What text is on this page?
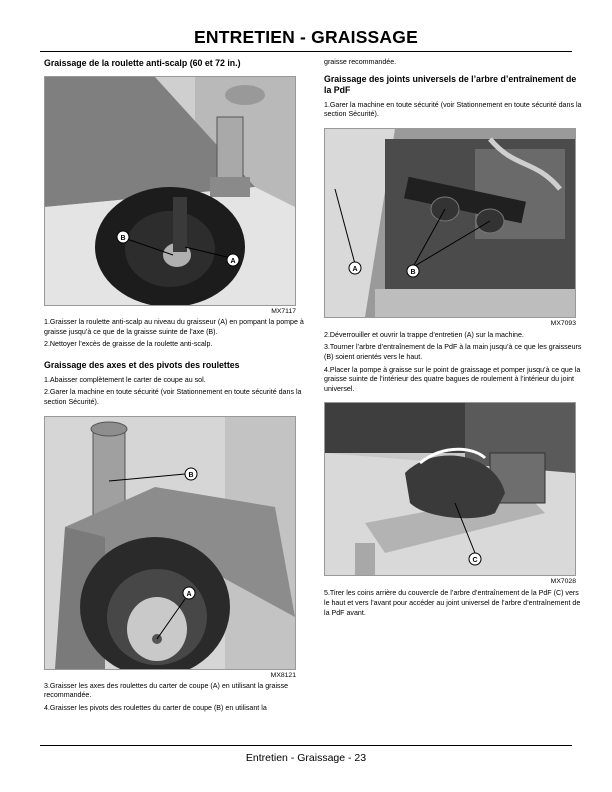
ENTRETIEN - GRAISSAGE
Graissage de la roulette anti-scalp (60 et 72 in.)
B
A
MX7117

1.Graisser la roulette anti-scalp au niveau du graisseur (A) en pompant la pompe à graisse jusqu’à ce que de la graisse suinte de l’axe (B).

2.Nettoyer l’excès de graisse de la roulette anti-scalp.

Graissage des axes et des pivots des roulettes

1.Abaisser complètement le carter de coupe au sol.

2.Garer la machine en toute sécurité (voir Stationnement en toute sécurité dans la section Sécurité).

B
A
MX8121

3.Graisser les axes des roulettes du carter de coupe (A) en utilisant la graisse recommandée.

4.Graisser les pivots des roulettes du carter de coupe (B) en utilisant la

graisse recommandée.

Graissage des joints universels de l’arbre d’entraînement de la PdF

1.Garer la machine en toute sécurité (voir Stationnement en toute sécurité dans la section Sécurité).

A	B
MX7093

2.Déverrouiller et ouvrir la trappe d’entretien (A) sur la machine.

3.Tourner l’arbre d’entraînement de la PdF à la main jusqu’à ce que les graisseurs (B) soient orientés vers le haut.

4.Placer la pompe à graisse sur le point de graissage et pomper jusqu’à ce que la graisse suinte de l’intérieur des quatre bagues de roulement à l’intérieur du joint universel.

C
MX7028

5.Tirer les coins arrière du couvercle de l’arbre d’entraînement de la PdF (C) vers le haut et vers l’avant pour accéder au joint universel de l’arbre d’entraînement de la PdF avant.

Entretien - Graissage - 23
